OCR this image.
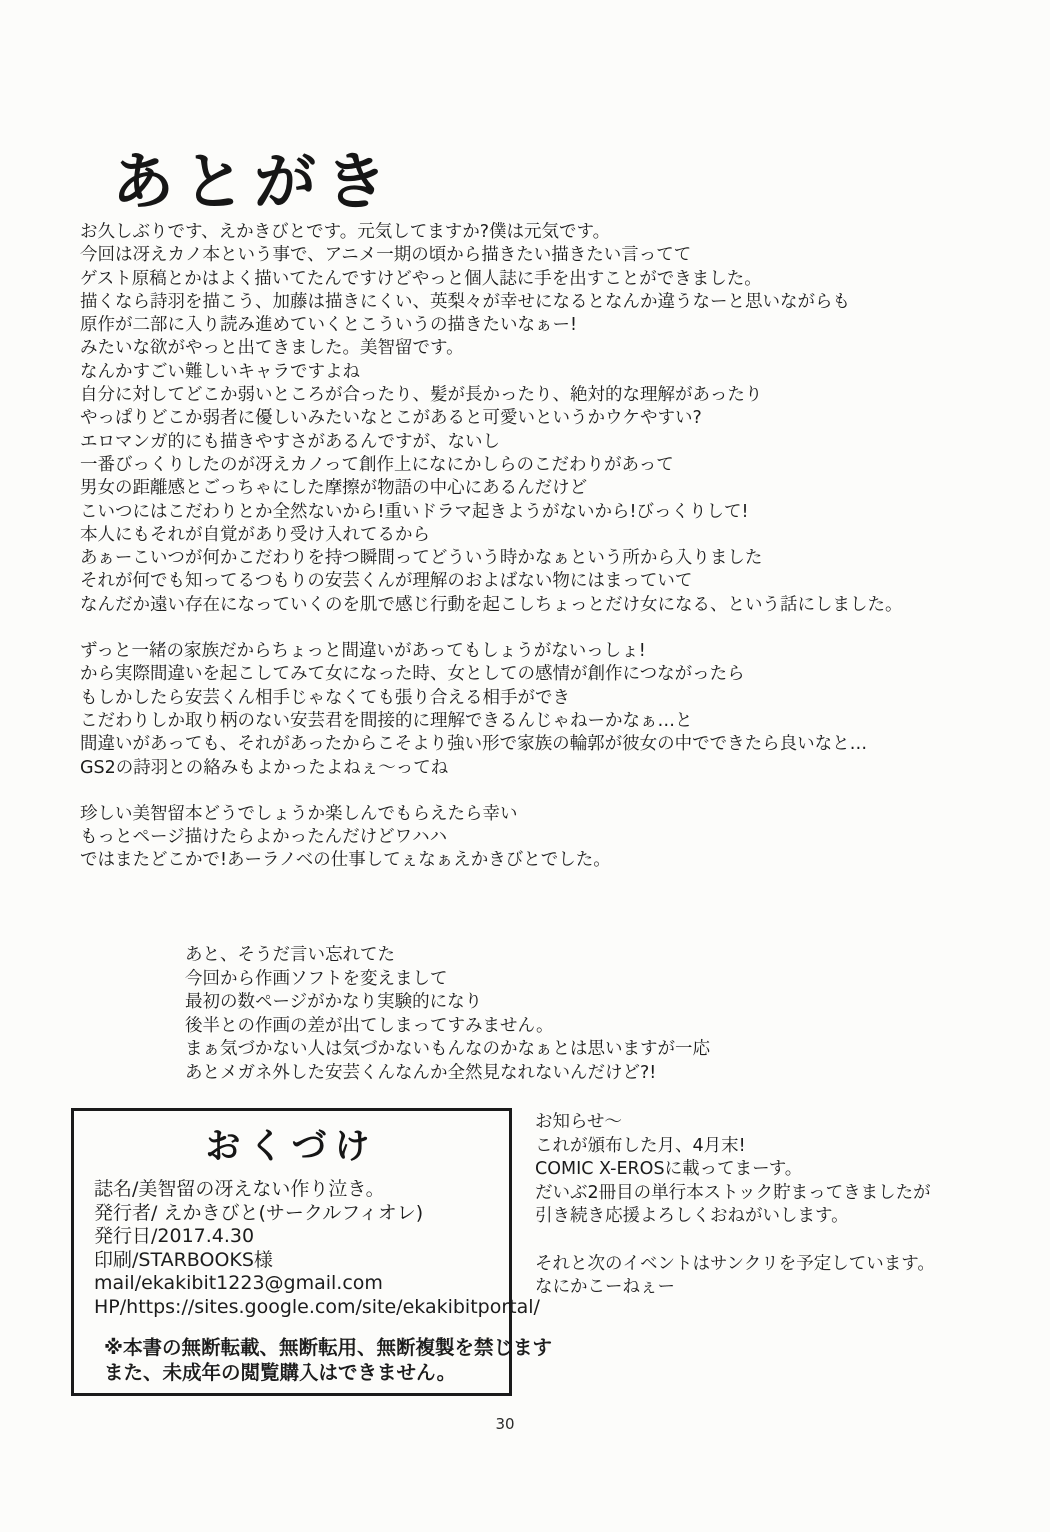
あとがき
お久しぶりです、えかきびとです。元気してますか?僕は元気です。
今回は冴えカノ本という事で、アニメ一期の頃から描きたい描きたい言ってて
ゲスト原稿とかはよく描いてたんですけどやっと個人誌に手を出すことができました。
描くなら詩羽を描こう、加藤は描きにくい、英梨々が幸せになるとなんか違うなーと思いながらも
原作が二部に入り読み進めていくとこういうの描きたいなぁー!
みたいな欲がやっと出てきました。美智留です。
なんかすごい難しいキャラですよね
自分に対してどこか弱いところが合ったり、髪が長かったり、絶対的な理解があったり
やっぱりどこか弱者に優しいみたいなとこがあると可愛いというかウケやすい?
エロマンガ的にも描きやすさがあるんですが、ないし
一番びっくりしたのが冴えカノって創作上になにかしらのこだわりがあって
男女の距離感とごっちゃにした摩擦が物語の中心にあるんだけど
こいつにはこだわりとか全然ないから!重いドラマ起きようがないから!びっくりして!
本人にもそれが自覚があり受け入れてるから
あぁーこいつが何かこだわりを持つ瞬間ってどういう時かなぁという所から入りました
それが何でも知ってるつもりの安芸くんが理解のおよばない物にはまっていて
なんだか遠い存在になっていくのを肌で感じ行動を起こしちょっとだけ女になる、という話にしました。
ずっと一緒の家族だからちょっと間違いがあってもしょうがないっしょ!
から実際間違いを起こしてみて女になった時、女としての感情が創作につながったら
もしかしたら安芸くん相手じゃなくても張り合える相手ができ
こだわりしか取り柄のない安芸君を間接的に理解できるんじゃねーかなぁ…と
間違いがあっても、それがあったからこそより強い形で家族の輪郭が彼女の中でできたら良いなと…
GS2の詩羽との絡みもよかったよねぇ〜ってね
珍しい美智留本どうでしょうか楽しんでもらえたら幸い
もっとページ描けたらよかったんだけどワハハ
ではまたどこかで!あーラノベの仕事してぇなぁえかきびとでした。
あと、そうだ言い忘れてた
今回から作画ソフトを変えまして
最初の数ページがかなり実験的になり
後半との作画の差が出てしまってすみません。
まぁ気づかない人は気づかないもんなのかなぁとは思いますが一応
あとメガネ外した安芸くんなんか全然見なれないんだけど?!
おくづけ
誌名/美智留の冴えない作り泣き。
発行者/ えかきびと(サークルフィオレ)
発行日/2017.4.30
印刷/STARBOOKS様
mail/ekakibit1223@gmail.com
HP/https://sites.google.com/site/ekakibitportal/
※本書の無断転載、無断転用、無断複製を禁じます
また、未成年の閲覧購入はできません。
お知らせ〜
これが頒布した月、4月末!
COMIC X-EROSに載ってまーす。
だいぶ2冊目の単行本ストック貯まってきましたが
引き続き応援よろしくおねがいします。

それと次のイベントはサンクリを予定しています。
なにかこーねぇー
30
